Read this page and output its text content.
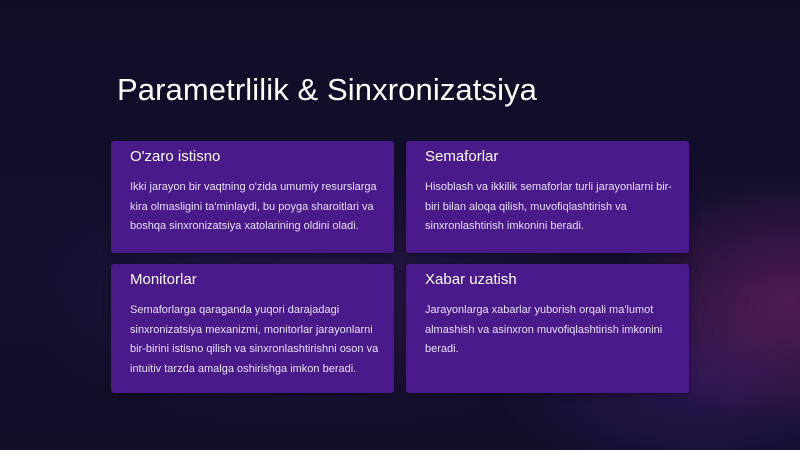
Parametrlilik & Sinxronizatsiya
O'zaro istisno

Ikki jarayon bir vaqtning o'zida umumiy resurslarga kira olmasligini ta'minlaydi, bu poyga sharoitlari va boshqa sinxronizatsiya xatolarining oldini oladi.

Semaforlar

Hisoblash va ikkilik semaforlar turli jarayonlarni bir-biri bilan aloqa qilish, muvofiqlashtirish va sinxronlashtirish imkonini beradi.

Monitorlar

Semaforlarga qaraganda yuqori darajadagi sinxronizatsiya mexanizmi, monitorlar jarayonlarni bir-birini istisno qilish va sinxronlashtirishni oson va intuitiv tarzda amalga oshirishga imkon beradi.

Xabar uzatish

Jarayonlarga xabarlar yuborish orqali ma'lumot almashish va asinxron muvofiqlashtirish imkonini beradi.
